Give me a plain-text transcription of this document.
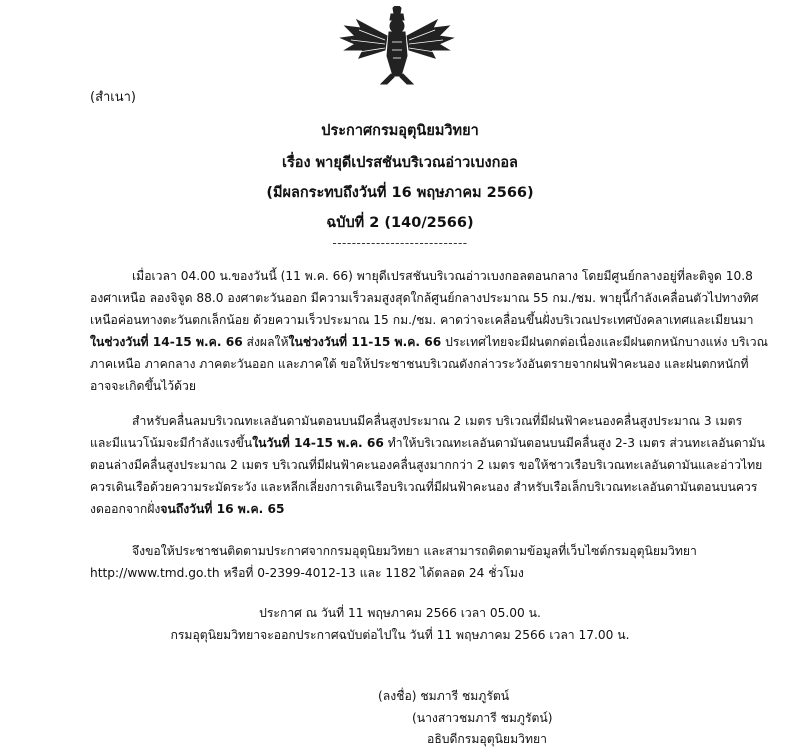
(สำเนา)
ประกาศกรมอุตุนิยมวิทยา
เรื่อง พายุดีเปรสชันบริเวณอ่าวเบงกอล
(มีผลกระทบถึงวันที่ 16 พฤษภาคม 2566)
ฉบับที่ 2 (140/2566)
----------------------------
เมื่อเวลา 04.00 น.ของวันนี้ (11 พ.ค. 66) พายุดีเปรสชันบริเวณอ่าวเบงกอลตอนกลาง โดยมีศูนย์กลางอยู่ที่ละติจูด 10.8
องศาเหนือ ลองจิจูด 88.0 องศาตะวันออก มีความเร็วลมสูงสุดใกล้ศูนย์กลางประมาณ 55 กม./ชม. พายุนี้กำลังเคลื่อนตัวไปทางทิศ
เหนือค่อนทางตะวันตกเล็กน้อย ด้วยความเร็วประมาณ 15 กม./ชม. คาดว่าจะเคลื่อนขึ้นฝั่งบริเวณประเทศบังคลาเทศและเมียนมา
ในช่วงวันที่ 14-15 พ.ค. 66 ส่งผลให้ในช่วงวันที่ 11-15 พ.ค. 66 ประเทศไทยจะมีฝนตกต่อเนื่องและมีฝนตกหนักบางแห่ง บริเวณ
ภาคเหนือ ภาคกลาง ภาคตะวันออก และภาคใต้ ขอให้ประชาชนบริเวณดังกล่าวระวังอันตรายจากฝนฟ้าคะนอง และฝนตกหนักที่
อาจจะเกิดขึ้นไว้ด้วย
สำหรับคลื่นลมบริเวณทะเลอันดามันตอนบนมีคลื่นสูงประมาณ 2 เมตร บริเวณที่มีฝนฟ้าคะนองคลื่นสูงประมาณ 3 เมตร
และมีแนวโน้มจะมีกำลังแรงขึ้นในวันที่ 14-15 พ.ค. 66 ทำให้บริเวณทะเลอันดามันตอนบนมีคลื่นสูง 2-3 เมตร ส่วนทะเลอันดามัน
ตอนล่างมีคลื่นสูงประมาณ 2 เมตร บริเวณที่มีฝนฟ้าคะนองคลื่นสูงมากกว่า 2 เมตร ขอให้ชาวเรือบริเวณทะเลอันดามันและอ่าวไทย
ควรเดินเรือด้วยความระมัดระวัง และหลีกเลี่ยงการเดินเรือบริเวณที่มีฝนฟ้าคะนอง สำหรับเรือเล็กบริเวณทะเลอันดามันตอนบนควร
งดออกจากฝั่งจนถึงวันที่ 16 พ.ค. 65
จึงขอให้ประชาชนติดตามประกาศจากกรมอุตุนิยมวิทยา และสามารถติดตามข้อมูลที่เว็บไซต์กรมอุตุนิยมวิทยา
http://www.tmd.go.th หรือที่ 0-2399-4012-13 และ 1182 ได้ตลอด 24 ชั่วโมง
ประกาศ ณ วันที่ 11 พฤษภาคม 2566 เวลา 05.00 น.
กรมอุตุนิยมวิทยาจะออกประกาศฉบับต่อไปใน วันที่ 11 พฤษภาคม 2566 เวลา 17.00 น.
(ลงชื่อ) ชมภารี ชมภูรัตน์
(นางสาวชมภารี ชมภูรัตน์)
อธิบดีกรมอุตุนิยมวิทยา
